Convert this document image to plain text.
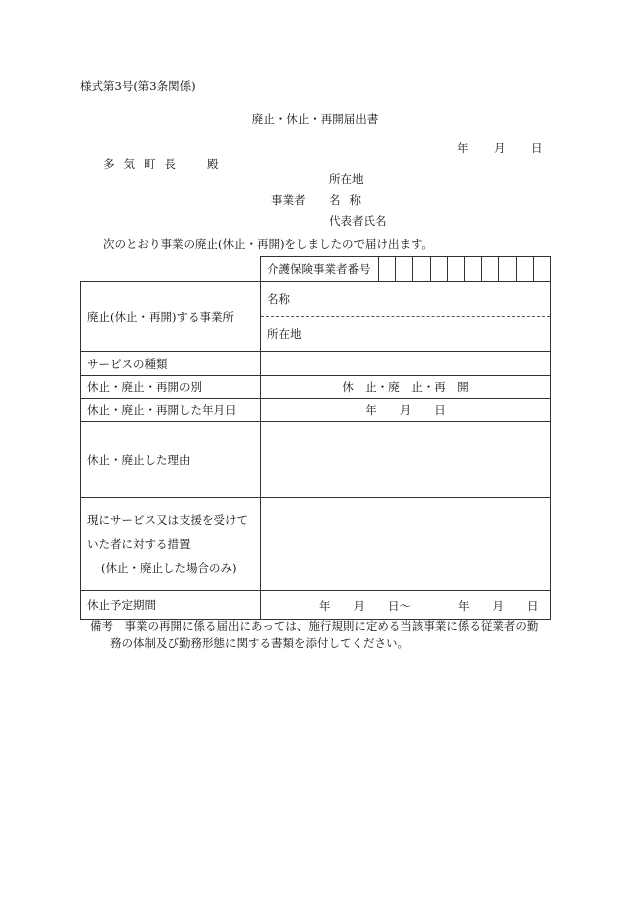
様式第3号(第3条関係)
廃止・休止・再開届出書
年 月 日
多気町長 殿
所在地
事業者 名称
代表者氏名
次のとおり事業の廃止(休止・再開)をしましたので届け出ます。

介護保険事業者番号

廃止(休止・再開)する事業所	名称
所在地

サービスの種類	
休止・廃止・再開の別	休　止・廃　止・再　開
休止・廃止・再開した年月日	年　　月　　日
休止・廃止した理由	

現にサービス又は支援を受けて
いた者に対する措置
(休止・廃止した場合のみ)	

休止予定期間	年　　月　　日〜 年　　月　　日
備考　事業の再開に係る届出にあっては、施行規則に定める当該事業に係る従業者の勤
務の体制及び勤務形態に関する書類を添付してください。
